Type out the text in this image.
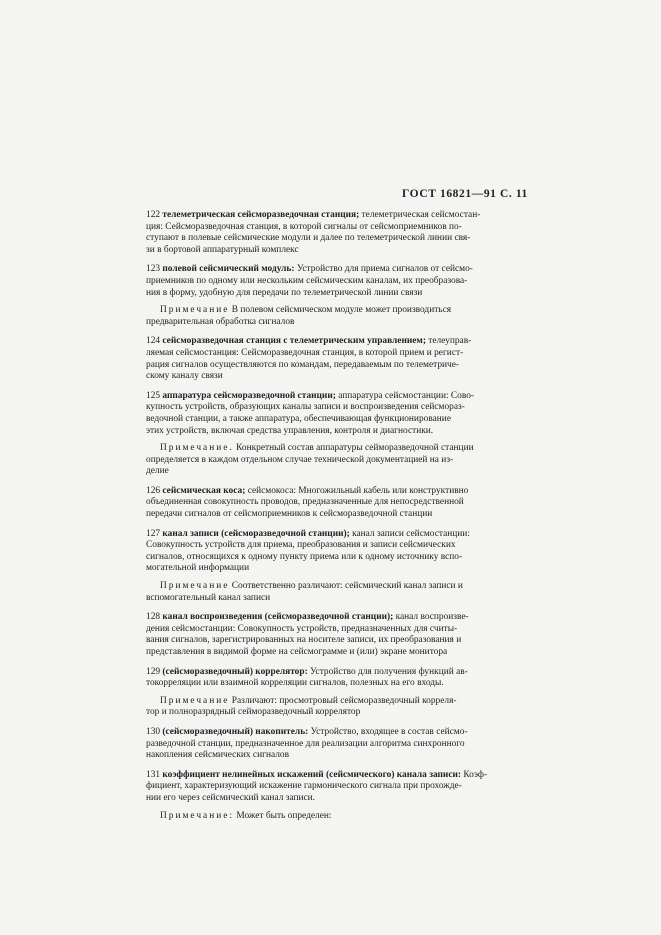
ГОСТ 16821—91 С. 11

122 телеметрическая сейсморазведочная станция; телеметрическая сейсмостан-
ция: Сейсморазведочная станция, в которой сигналы от сейсмоприемников по-
ступают в полевые сейсмические модули и далее по телеметрической линии свя-
зи в бортовой аппаратурный комплекс

123 полевой сейсмический модуль: Устройство для приема сигналов от сейсмо-
приемников по одному или нескольким сейсмическим каналам, их преобразова-
ния в форму, удобную для передачи по телеметрической линии связи

Примечание В полевом сейсмическом модуле может производиться
предварительная обработка сигналов

124 сейсморазведочная станция с телеметрическим управлением; телеуправ-
ляемая сейсмостанция: Сейсморазведочная станция, в которой прием и регист-
рация сигналов осуществляются по командам, передаваемым по телеметриче-
скому каналу связи

125 аппаратура сейсморазведочной станции; аппаратура сейсмостанции: Сово-
купность устройств, образующих каналы записи и воспроизведения сейсмораз-
ведочной станции, а также аппаратура, обеспечивающая функционирование
этих устройств, включая средства управления, контроля и диагностики.

Примечание. Конкретный состав аппаратуры сейморазведочной станции
определяется в каждом отдельном случае технической документацией на из-
делие

126 сейсмическая коса; сейсмокоса: Многожильный кабель или конструктивно
объединенная совокупность проводов, предназначенные для непосредственной
передачи сигналов от сейсмоприемников к сейсморазведочной станции

127 канал записи (сейсморазведочной станции); канал записи сейсмостанции:
Совокупность устройств для приема, преобразования и записи сейсмических
сигналов, относящихся к одному пункту приема или к одному источнику вспо-
могательной информации

Примечание Соответственно различают: сейсмический канал записи и
вспомогательный канал записи

128 канал воспроизведения (сейсморазведочной станции); канал воспроизве-
дения сейсмостанции: Совокупность устройств, предназначенных для считы-
вания сигналов, зарегистрированных на носителе записи, их преобразования и
представления в видимой форме на сейсмограмме и (или) экране монитора

129 (сейсморазведочный) коррелятор: Устройство для получения функций ав-
токорреляции или взаимной корреляции сигналов, полезных на его входы.

Примечание Различают: просмотровый сейсморазведочный корреля-
тор и полноразрядный сейморазведочный коррелятор

130 (сейсморазведочный) накопитель: Устройство, входящее в состав сейсмо-
разведочной станции, предназначенное для реализации алгоритма синхронного
накопления сейсмических сигналов

131 коэффициент нелинейных искажений (сейсмического) канала записи: Коэф-
фициент, характеризующий искажение гармонического сигнала при прохожде-
нии его через сейсмический канал записи.

Примечание: Может быть определен:
